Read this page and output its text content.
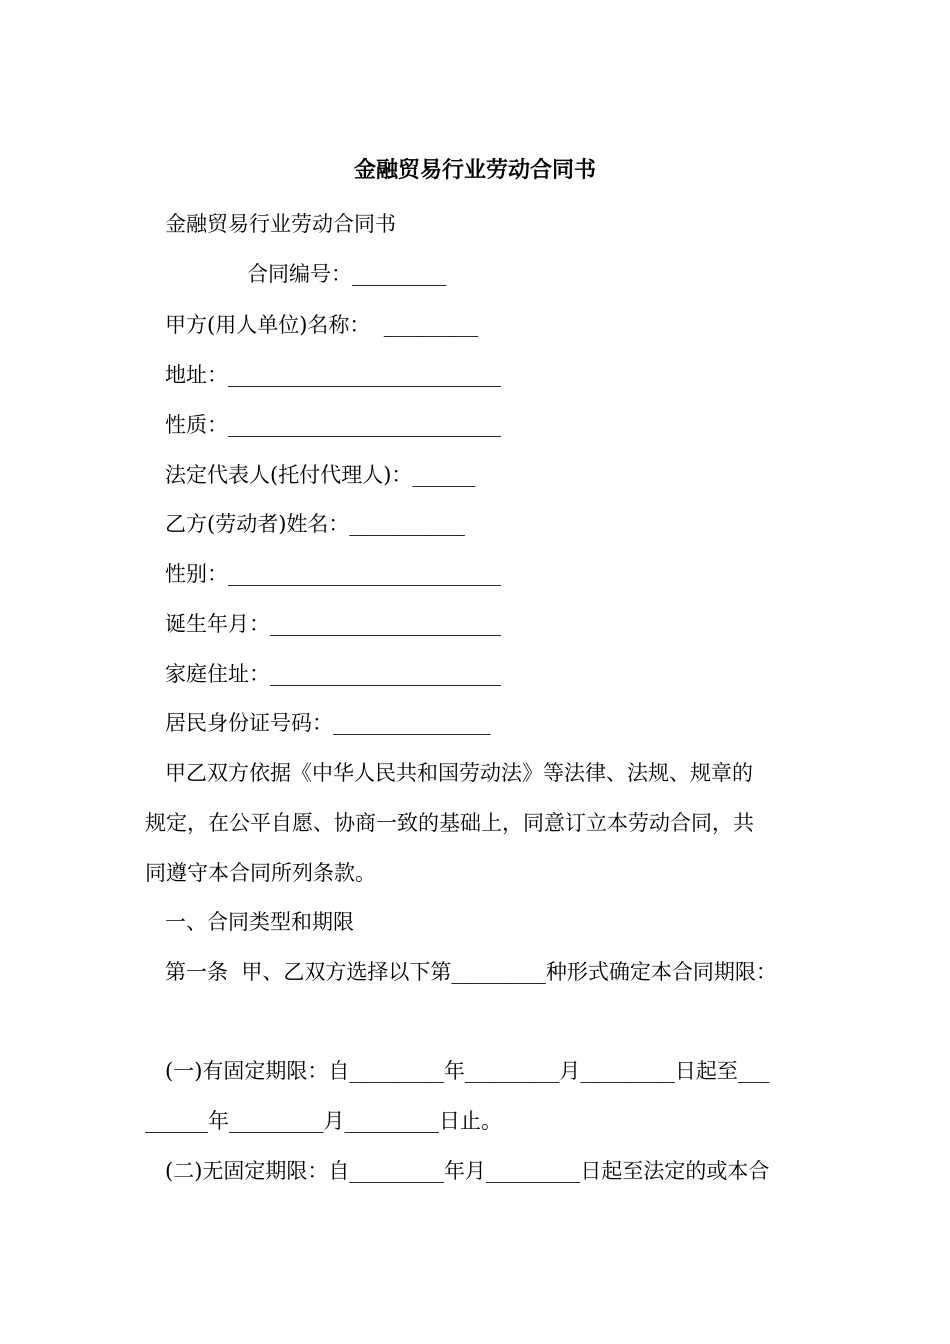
金融贸易行业劳动合同书
金融贸易行业劳动合同书
合同编号：_________
甲方(用人单位)名称：  _________
地址：__________________________
性质：__________________________
法定代表人(托付代理人)：______
乙方(劳动者)姓名：___________
性别：__________________________
诞生年月：______________________
家庭住址：______________________
居民身份证号码：_______________
甲乙双方依据《中华人民共和国劳动法》等法律、法规、规章的
规定，在公平自愿、协商一致的基础上，同意订立本劳动合同，共
同遵守本合同所列条款。
一、合同类型和期限
第一条  甲、乙双方选择以下第_________种形式确定本合同期限：
(一)有固定期限：自_________年_________月_________日起至___
______年_________月_________日止。
(二)无固定期限：自_________年月_________日起至法定的或本合
